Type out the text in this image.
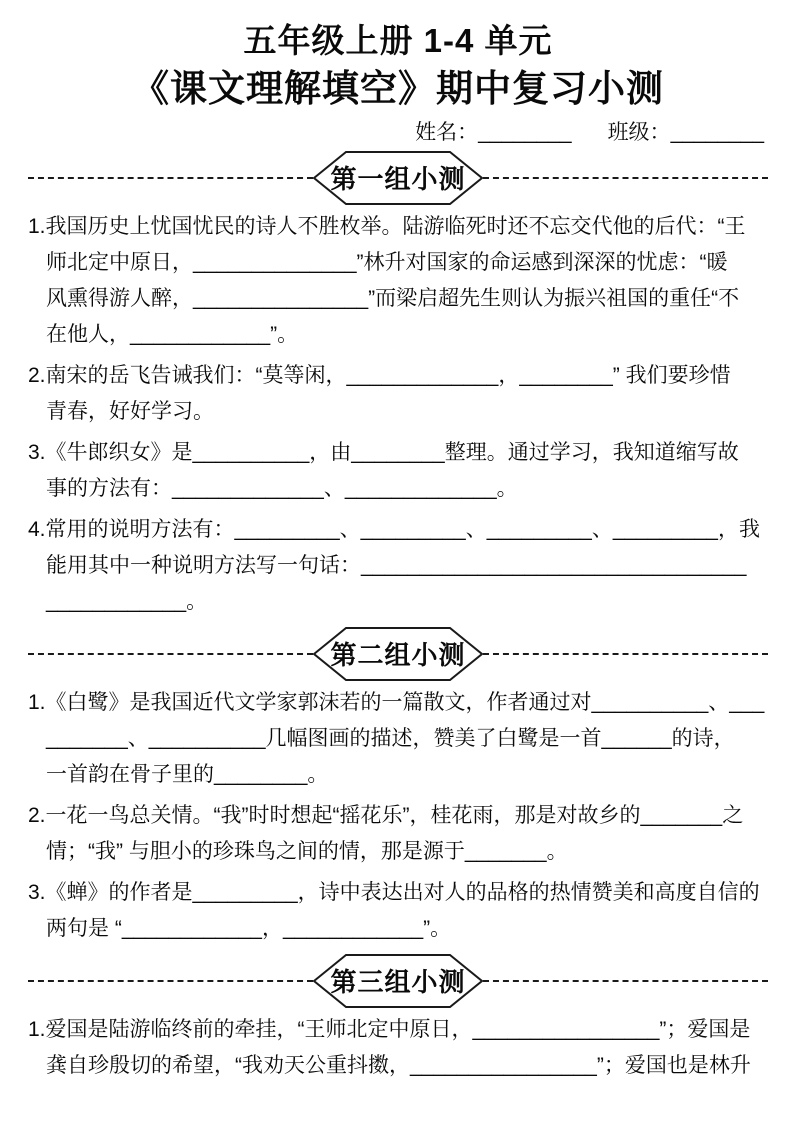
五年级上册 1-4 单元
《课文理解填空》期中复习小测
姓名：________ 班级：________
第一组小测
1.我国历史上忧国忧民的诗人不胜枚举。陆游临死时还不忘交代他的后代：“王
师北定中原日，______________”林升对国家的命运感到深深的忧虑：“暖
风熏得游人醉，_______________”而梁启超先生则认为振兴祖国的重任“不
在他人，____________”。
2.南宋的岳飞告诫我们：“莫等闲，_____________，________” 我们要珍惜
青春，好好学习。
3.《牛郎织女》是__________，由________整理。通过学习，我知道缩写故
事的方法有：_____________、_____________。
4.常用的说明方法有：_________、_________、_________、_________，我
能用其中一种说明方法写一句话：_________________________________
____________。
第二组小测
1.《白鹭》是我国近代文学家郭沫若的一篇散文，作者通过对__________、___
_______、__________几幅图画的描述，赞美了白鹭是一首______的诗，
一首韵在骨子里的________。
2.一花一鸟总关情。“我”时时想起“摇花乐”，桂花雨，那是对故乡的_______之
情；“我” 与胆小的珍珠鸟之间的情，那是源于_______。
3.《蝉》的作者是_________，诗中表达出对人的品格的热情赞美和高度自信的
两句是 “____________，____________”。
第三组小测
1.爱国是陆游临终前的牵挂，“王师北定中原日，________________”；爱国是
龚自珍殷切的希望，“我劝天公重抖擞，________________”；爱国也是林升
